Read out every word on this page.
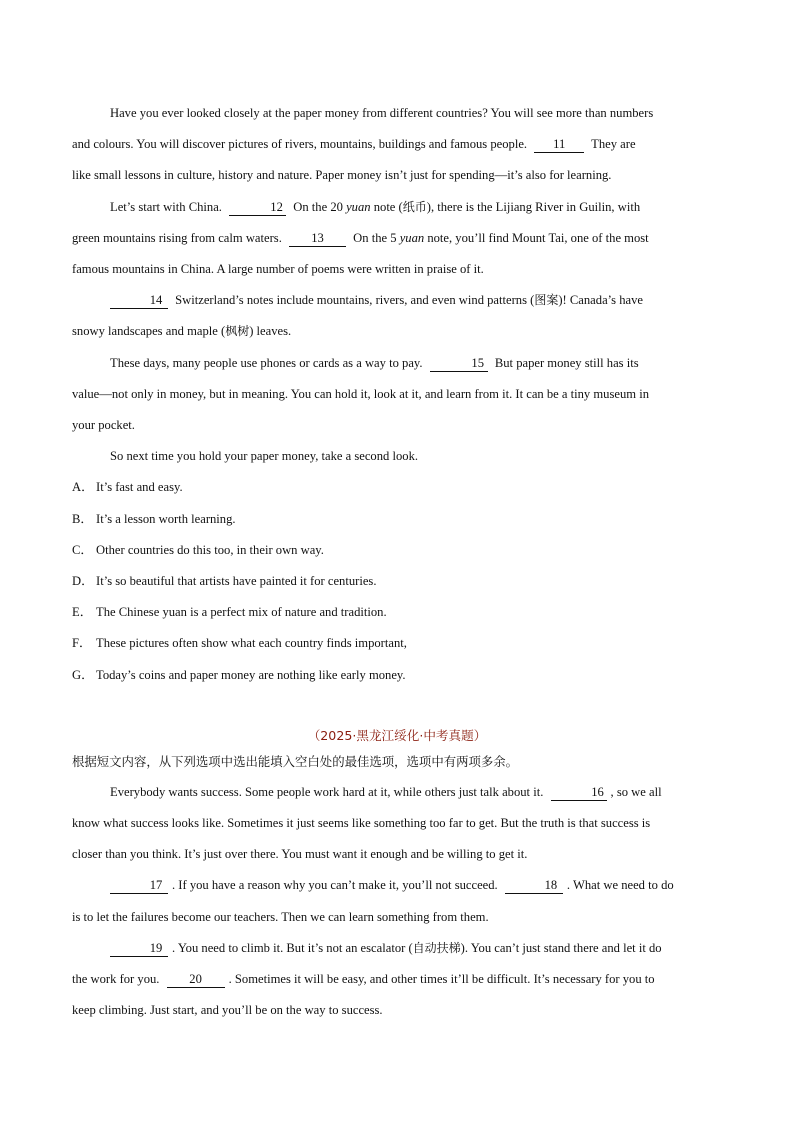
Have you ever looked closely at the paper money from different countries? You will see more than numbers
and colours. You will discover pictures of rivers, mountains, buildings and famous people. 11 They are
like small lessons in culture, history and nature. Paper money isn’t just for spending—it’s also for learning.
Let’s start with China.	12 On the 20 yuan note (纸币), there is the Lijiang River in Guilin, with
green mountains rising from calm waters. 13 On the 5 yuan note, you’ll find Mount Tai, one of the most
famous mountains in China. A large number of poems were written in praise of it.
14 Switzerland’s notes include mountains, rivers, and even wind patterns (图案)! Canada’s have
snowy landscapes and maple (枫树) leaves.
These days, many people use phones or cards as a way to pay.	15 But paper money still has its
value—not only in money, but in meaning. You can hold it, look at it, and learn from it. It can be a tiny museum in
your pocket.
So next time you hold your paper money, take a second look.
A． It’s fast and easy.
B． It’s a lesson worth learning.
C． Other countries do this too, in their own way.
D． It’s so beautiful that artists have painted it for centuries.
E． The Chinese yuan is a perfect mix of nature and tradition.
F． These pictures often show what each country finds important,
G． Today’s coins and paper money are nothing like early money.
（2025·黑龙江绥化·中考真题）
根据短文内容，从下列选项中选出能填入空白处的最佳选项，选项中有两项多余。
Everybody wants success. Some people work hard at it, while others just talk about it.	16 , so we all
know what success looks like. Sometimes it just seems like something too far to get. But the truth is that success is
closer than you think. It’s just over there. You must want it enough and be willing to get it.
17 . If you have a reason why you can’t make it, you’ll not succeed.	18 . What we need to do
is to let the failures become our teachers. Then we can learn something from them.
19 . You need to climb it. But it’s not an escalator (自动扶梯). You can’t just stand there and let it do
the work for you. 20 . Sometimes it will be easy, and other times it’ll be difficult. It’s necessary for you to
keep climbing. Just start, and you’ll be on the way to success.
